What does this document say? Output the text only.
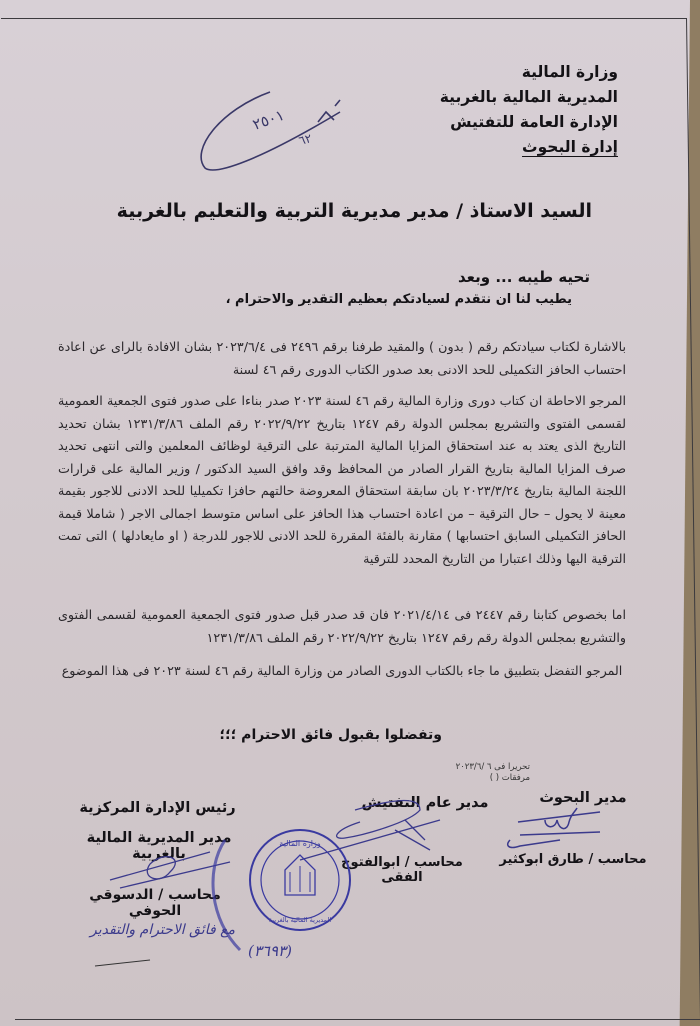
وزارة المالية
المديرية المالية بالغربية
الإدارة العامة للتفتيش
إدارة البحوث
السيد الاستاذ / مدير مديرية التربية والتعليم بالغربية
تحيه طيبه ... وبعد
يطيب لنا ان نتقدم لسيادتكم بعظيم التقدير والاحترام ،
بالاشارة لكتاب سيادتكم رقم ( بدون ) والمقيد طرفنا برقم ٢٤٩٦ فى ٢٠٢٣/٦/٤ بشان الافادة بالراى عن اعادة احتساب الحافز التكميلى للحد الادنى بعد صدور الكتاب الدورى رقم ٤٦ لسنة
المرجو الاحاطة ان كتاب دورى وزارة المالية رقم ٤٦ لسنة ٢٠٢٣ صدر بناءا على صدور فتوى الجمعية العمومية لقسمى الفتوى والتشريع بمجلس الدولة رقم ١٢٤٧ بتاريخ ٢٠٢٢/٩/٢٢ رقم الملف ١٢٣١/٣/٨٦ بشان تحديد التاريخ الذى يعتد به عند استحقاق المزايا المالية المترتبة على الترقية لوظائف المعلمين والتى انتهى تحديد صرف المزايا المالية بتاريخ القرار الصادر من المحافظ وقد وافق السيد الدكتور / وزير المالية على قرارات اللجنة المالية بتاريخ ٢٠٢٣/٣/٢٤ بان سابقة استحقاق المعروضة حالتهم حافزا تكميليا للحد الادنى للاجور بقيمة معينة لا يحول – حال الترقية – من اعادة احتساب هذا الحافز على اساس متوسط اجمالى الاجر ( شاملا قيمة الحافز التكميلى السابق احتسابها ) مقارنة بالفئة المقررة للحد الادنى للاجور للدرجة ( او مايعادلها ) التى تمت الترقية اليها وذلك اعتبارا من التاريخ المحدد للترقية
اما بخصوص كتابنا رقم ٢٤٤٧ فى ٢٠٢١/٤/١٤ فان قد صدر قبل صدور فتوى الجمعية العمومية لقسمى الفتوى والتشريع بمجلس الدولة رقم رقم ١٢٤٧ بتاريخ ٢٠٢٢/٩/٢٢ رقم الملف ١٢٣١/٣/٨٦
المرجو التفضل بتطبيق ما جاء بالكتاب الدورى الصادر من وزارة المالية رقم ٤٦ لسنة ٢٠٢٣ فى هذا الموضوع
وتفضلوا بقبول فائق الاحترام ؛؛؛
تحريرا فى ٦ /٢٠٢٣/٦
مرفقات ( )
مدير البحوث
محاسب / طارق ابوكثير
مدير عام التفتيش
محاسب / ابوالفتوح الفقى
رئيس الإدارة المركزية
مدير المديرية المالية بالغربية
محاسب / الدسوقي الحوفي
٢٥٠١
٦٢
وزارة المالية
المديرية المالية بالغربية
مع فائق الاحترام والتقدير
(٣٦٩٣)
